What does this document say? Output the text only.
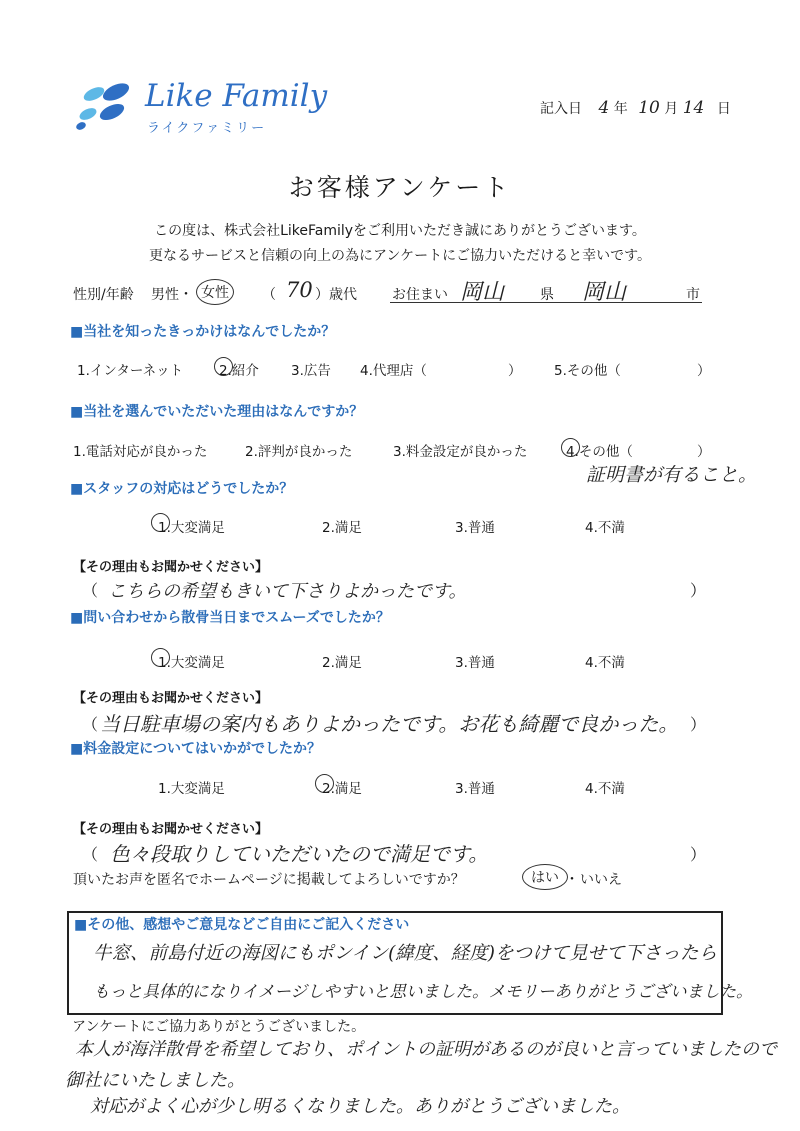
Like Family
ライクファミリー
記入日 4 年 10 月 14 日
お客様アンケート
この度は、株式会社LikeFamilyをご利用いただき誠にありがとうございます。
更なるサービスと信頼の向上の為にアンケートにご協力いただけると幸いです。
性別/年齢 男性・ 女性	（ 70 ）歳代	お住まい 岡山	県 岡山	市
■当社を知ったきっかけはなんでしたか？
1.インターネット	2.紹介 3.広告 4.代理店（	） 5.その他（	）
■当社を選んでいただいた理由はなんですか？
1.電話対応が良かった	2.評判が良かった	3.料金設定が良かった	4.その他（	）
証明書が有ること。
■スタッフの対応はどうでしたか？
1.大変満足	2.満足	3.普通	4.不満
【その理由もお聞かせください】
（ こちらの希望もきいて下さりよかったです。	）
■問い合わせから散骨当日までスムーズでしたか？
1.大変満足	2.満足	3.普通	4.不満
【その理由もお聞かせください】
（ 当日駐車場の案内もありよかったです。お花も綺麗で良かった。 ）
■料金設定についてはいかがでしたか？
1.大変満足	2.満足	3.普通	4.不満
【その理由もお聞かせください】
（ 色々段取りしていただいたので満足です。	）
頂いたお声を匿名でホームページに掲載してよろしいですか？	はい ・ いいえ
■その他、感想やご意見などご自由にご記入ください
牛窓、前島付近の海図にもポンイン(緯度、経度)をつけて見せて下さったら
もっと具体的になりイメージしやすいと思いました。メモリーありがとうございました。
アンケートにご協力ありがとうございました。
本人が海洋散骨を希望しており、ポイントの証明があるのが良いと言っていましたので
御社にいたしました。
対応がよく心が少し明るくなりました。ありがとうございました。
